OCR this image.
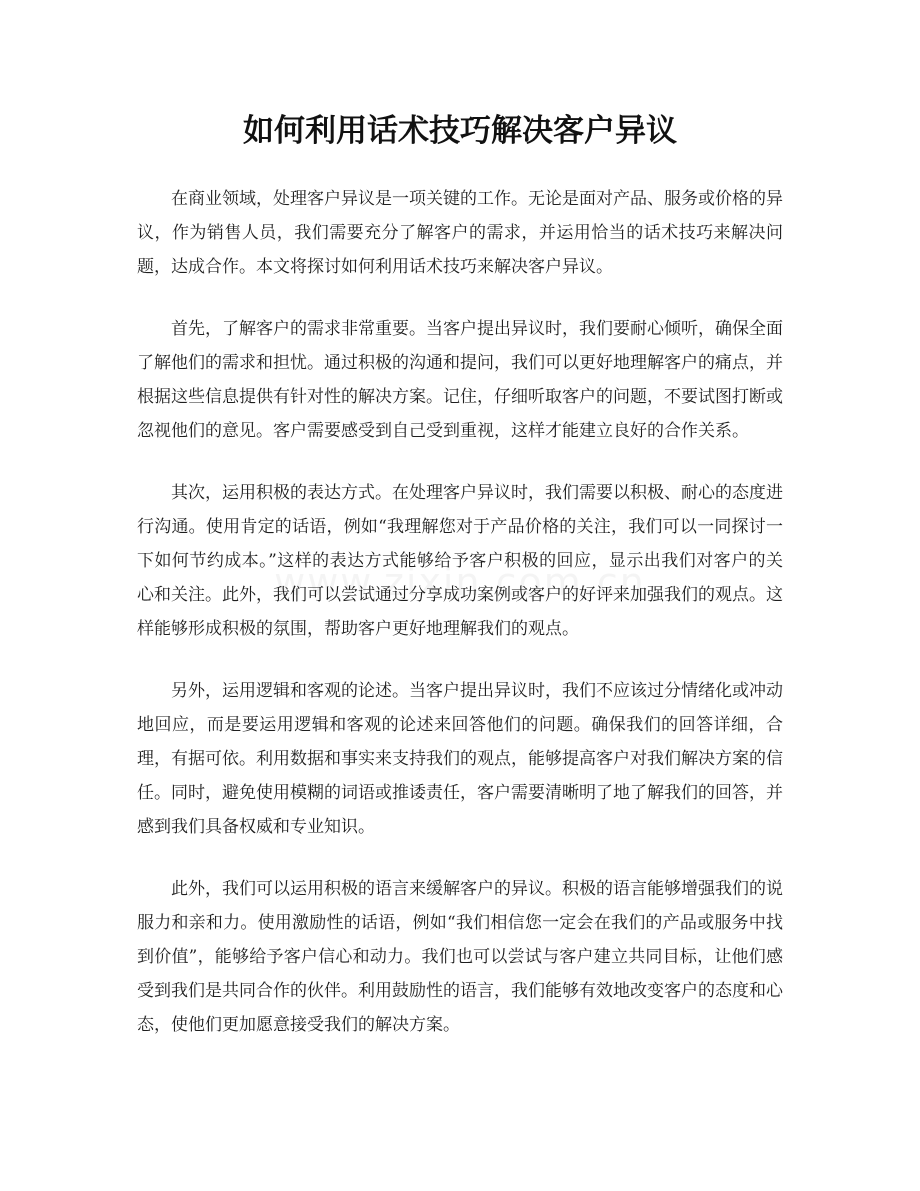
如何利用话术技巧解决客户异议

在商业领域，处理客户异议是一项关键的工作。无论是面对产品、服务或价格的异议，作为销售人员，我们需要充分了解客户的需求，并运用恰当的话术技巧来解决问题，达成合作。本文将探讨如何利用话术技巧来解决客户异议。

首先，了解客户的需求非常重要。当客户提出异议时，我们要耐心倾听，确保全面了解他们的需求和担忧。通过积极的沟通和提问，我们可以更好地理解客户的痛点，并根据这些信息提供有针对性的解决方案。记住，仔细听取客户的问题，不要试图打断或忽视他们的意见。客户需要感受到自己受到重视，这样才能建立良好的合作关系。

其次，运用积极的表达方式。在处理客户异议时，我们需要以积极、耐心的态度进行沟通。使用肯定的话语，例如“我理解您对于产品价格的关注，我们可以一同探讨一下如何节约成本。”这样的表达方式能够给予客户积极的回应，显示出我们对客户的关心和关注。此外，我们可以尝试通过分享成功案例或客户的好评来加强我们的观点。这样能够形成积极的氛围，帮助客户更好地理解我们的观点。

另外，运用逻辑和客观的论述。当客户提出异议时，我们不应该过分情绪化或冲动地回应，而是要运用逻辑和客观的论述来回答他们的问题。确保我们的回答详细，合理，有据可依。利用数据和事实来支持我们的观点，能够提高客户对我们解决方案的信任。同时，避免使用模糊的词语或推诿责任，客户需要清晰明了地了解我们的回答，并感到我们具备权威和专业知识。

此外，我们可以运用积极的语言来缓解客户的异议。积极的语言能够增强我们的说服力和亲和力。使用激励性的话语，例如“我们相信您一定会在我们的产品或服务中找到价值”，能够给予客户信心和动力。我们也可以尝试与客户建立共同目标，让他们感受到我们是共同合作的伙伴。利用鼓励性的语言，我们能够有效地改变客户的态度和心态，使他们更加愿意接受我们的解决方案。
